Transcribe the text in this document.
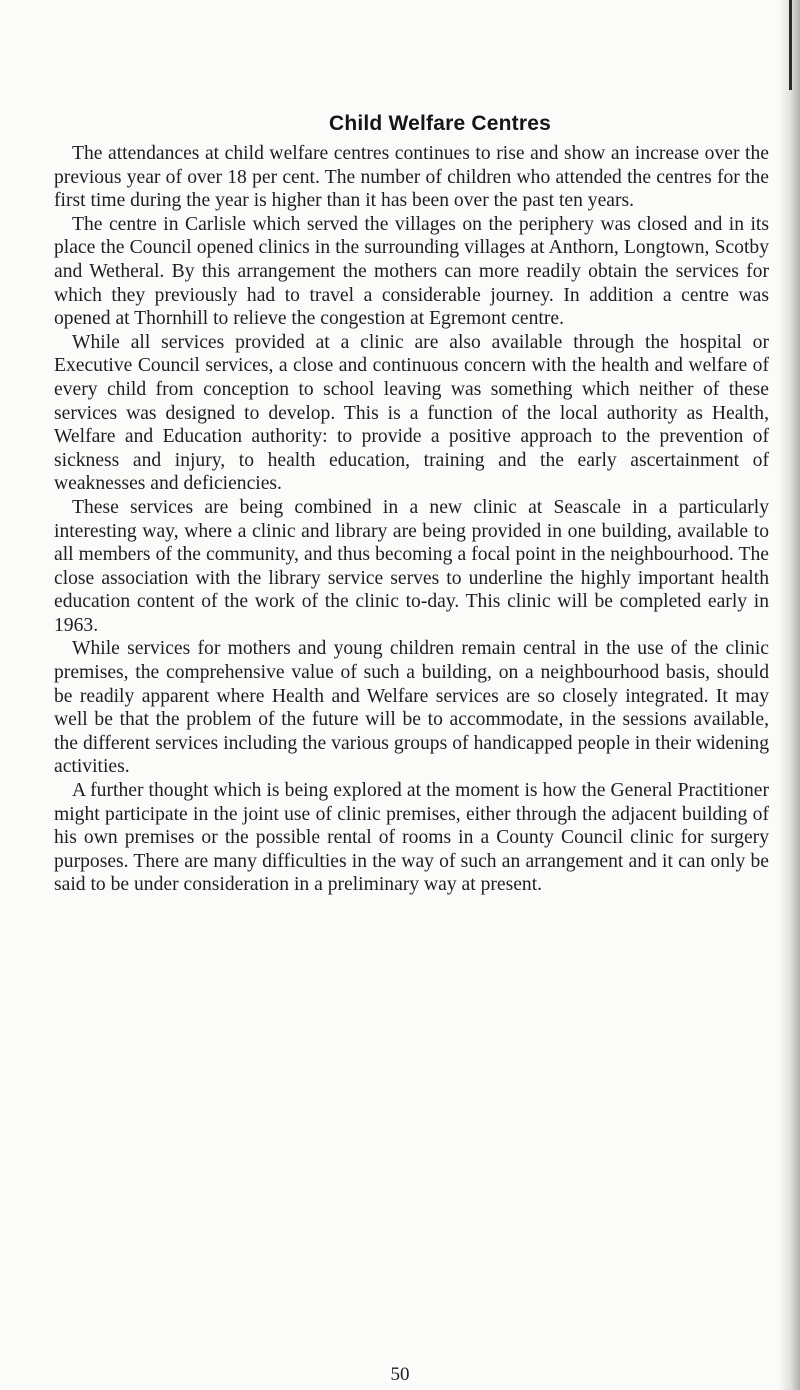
Child Welfare Centres

The attendances at child welfare centres continues to rise and show an increase over the previous year of over 18 per cent. The number of children who attended the centres for the first time during the year is higher than it has been over the past ten years.

The centre in Carlisle which served the villages on the periphery was closed and in its place the Council opened clinics in the surrounding villages at Anthorn, Longtown, Scotby and Wetheral. By this arrangement the mothers can more readily obtain the services for which they previously had to travel a considerable journey. In addition a centre was opened at Thornhill to relieve the congestion at Egremont centre.

While all services provided at a clinic are also available through the hospital or Executive Council services, a close and continuous concern with the health and welfare of every child from conception to school leaving was something which neither of these services was designed to develop. This is a function of the local authority as Health, Welfare and Education authority: to provide a positive approach to the prevention of sickness and injury, to health education, training and the early ascertainment of weaknesses and deficiencies.

These services are being combined in a new clinic at Seascale in a particularly interesting way, where a clinic and library are being provided in one building, available to all members of the community, and thus becoming a focal point in the neighbourhood. The close association with the library service serves to underline the highly important health education content of the work of the clinic to-day. This clinic will be completed early in 1963.

While services for mothers and young children remain central in the use of the clinic premises, the comprehensive value of such a building, on a neighbourhood basis, should be readily apparent where Health and Welfare services are so closely integrated. It may well be that the problem of the future will be to accommodate, in the sessions available, the different services including the various groups of handicapped people in their widening activities.

A further thought which is being explored at the moment is how the General Practitioner might participate in the joint use of clinic premises, either through the adjacent building of his own premises or the possible rental of rooms in a County Council clinic for surgery purposes. There are many difficulties in the way of such an arrangement and it can only be said to be under consideration in a preliminary way at present.

50
